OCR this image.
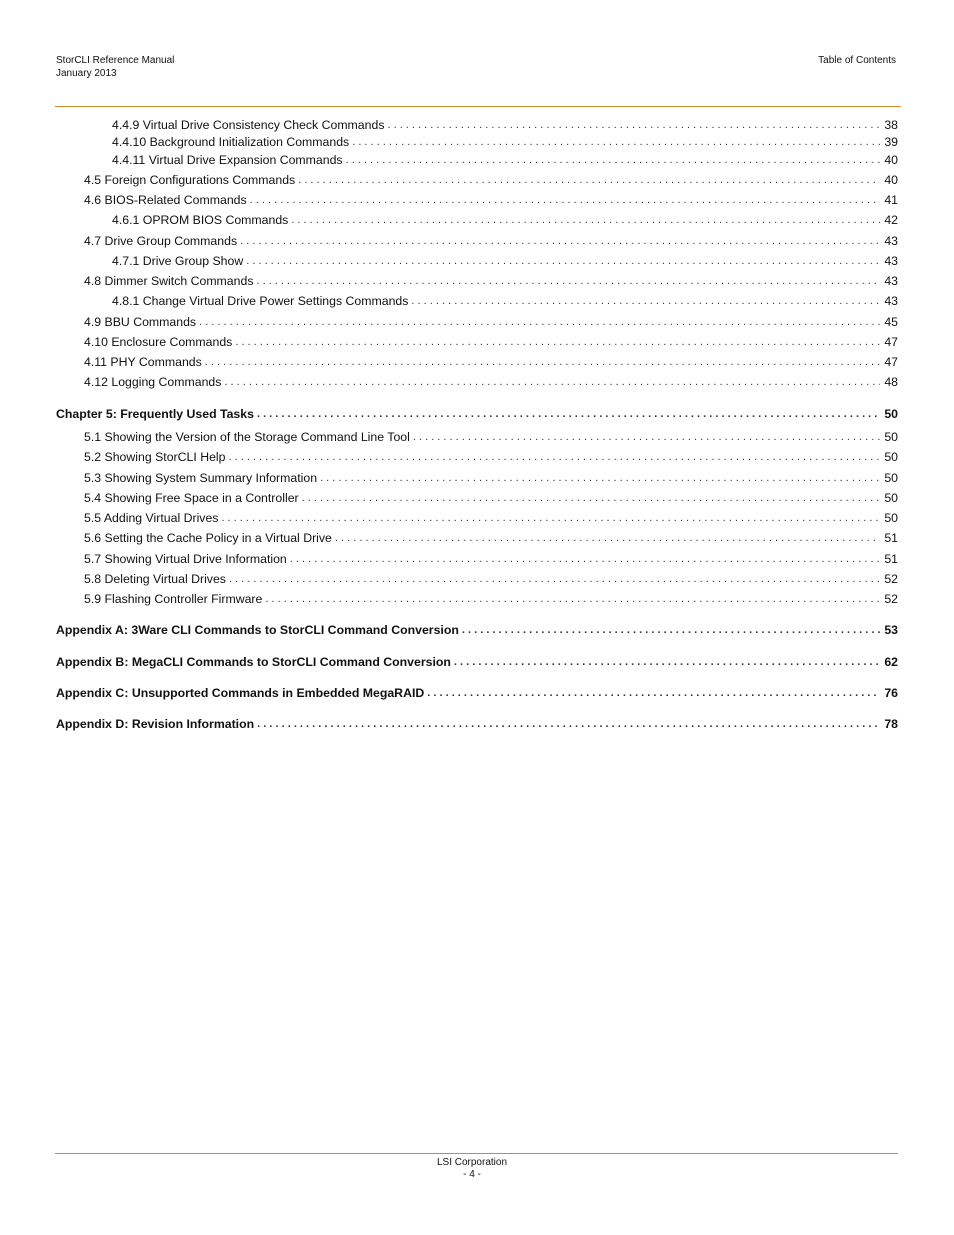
StorCLI Reference Manual
January 2013
Table of Contents
4.4.9 Virtual Drive Consistency Check Commands . . .	38
4.4.10 Background Initialization Commands . . .	39
4.4.11 Virtual Drive Expansion Commands . . .	40
4.5 Foreign Configurations Commands . . .	40
4.6 BIOS-Related Commands . . .	41
4.6.1 OPROM BIOS Commands . . .	42
4.7 Drive Group Commands . . .	43
4.7.1 Drive Group Show . . .	43
4.8 Dimmer Switch Commands . . .	43
4.8.1 Change Virtual Drive Power Settings Commands . . .	43
4.9 BBU Commands . . .	45
4.10 Enclosure Commands . . .	47
4.11 PHY Commands . . .	47
4.12 Logging Commands . . .	48
Chapter 5: Frequently Used Tasks . . .	50
5.1 Showing the Version of the Storage Command Line Tool . . .	50
5.2 Showing StorCLI Help . . .	50
5.3 Showing System Summary Information . . .	50
5.4 Showing Free Space in a Controller . . .	50
5.5 Adding Virtual Drives . . .	50
5.6 Setting the Cache Policy in a Virtual Drive . . .	51
5.7 Showing Virtual Drive Information . . .	51
5.8 Deleting Virtual Drives . . .	52
5.9 Flashing Controller Firmware . . .	52
Appendix A: 3Ware CLI Commands to StorCLI Command Conversion . . .	53
Appendix B: MegaCLI Commands to StorCLI Command Conversion . . .	62
Appendix C: Unsupported Commands in Embedded MegaRAID . . .	76
Appendix D: Revision Information . . .	78
LSI Corporation
- 4 -
